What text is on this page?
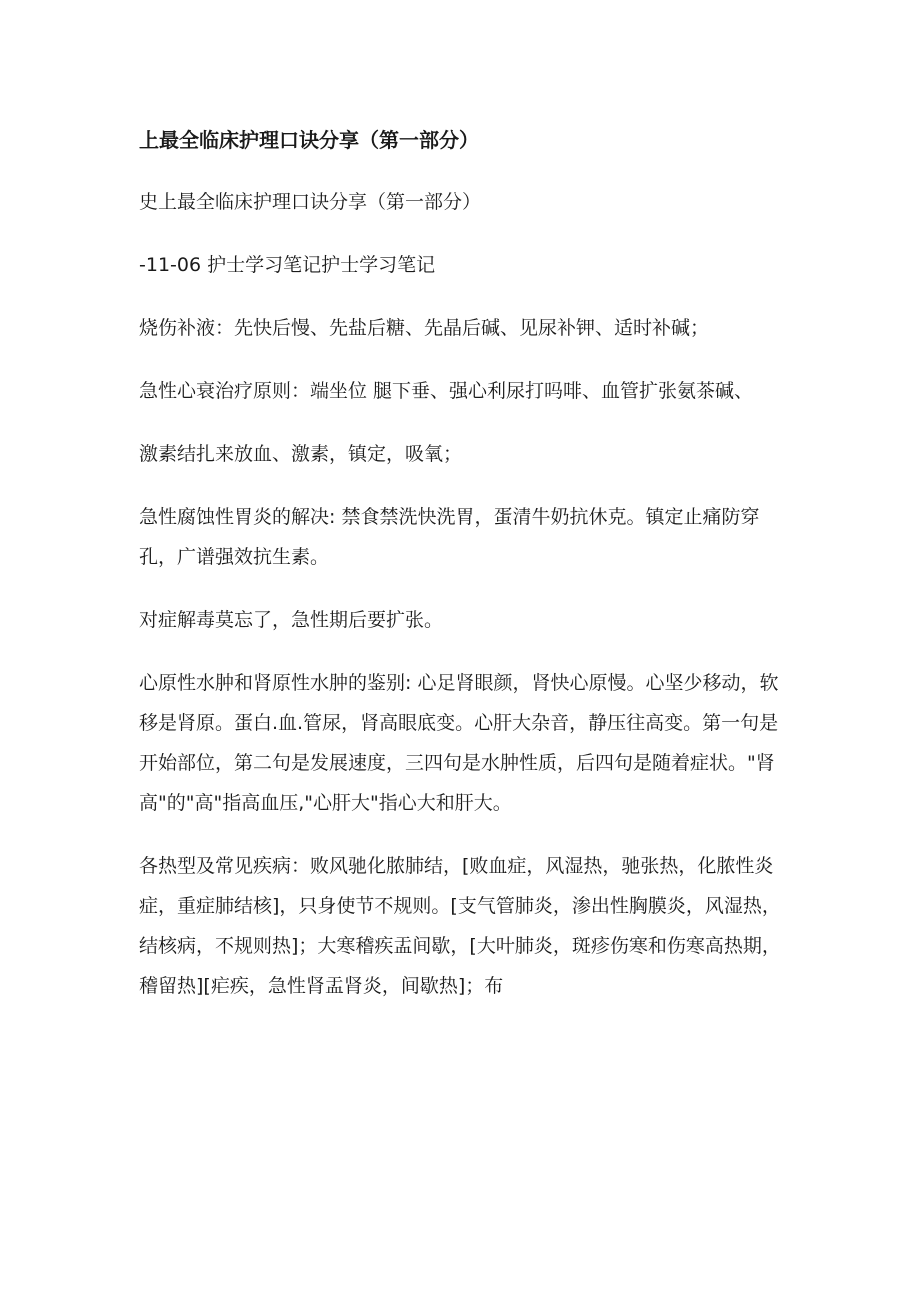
上最全临床护理口诀分享（第一部分）

史上最全临床护理口诀分享（第一部分）

-11-06 护士学习笔记护士学习笔记

烧伤补液：先快后慢、先盐后糖、先晶后碱、见尿补钾、适时补碱；

急性心衰治疗原则：端坐位 腿下垂、强心利尿打吗啡、血管扩张氨茶碱、

激素结扎来放血、激素，镇定，吸氧；

急性腐蚀性胃炎的解决: 禁食禁洗快洗胃，蛋清牛奶抗休克。镇定止痛防穿孔，广谱强效抗生素。

对症解毒莫忘了，急性期后要扩张。

心原性水肿和肾原性水肿的鉴别: 心足肾眼颜，肾快心原慢。心坚少移动，软移是肾原。蛋白.血.管尿，肾高眼底变。心肝大杂音，静压往高变。第一句是开始部位，第二句是发展速度，三四句是水肿性质，后四句是随着症状。"肾高"的"高"指高血压,"心肝大"指心大和肝大。

各热型及常见疾病：败风驰化脓肺结，[败血症，风湿热，驰张热，化脓性炎症，重症肺结核]，只身使节不规则。[支气管肺炎，渗出性胸膜炎，风湿热，结核病，不规则热]；大寒稽疾盂间歇，[大叶肺炎，斑疹伤寒和伤寒高热期，稽留热][疟疾，急性肾盂肾炎，间歇热]；布
